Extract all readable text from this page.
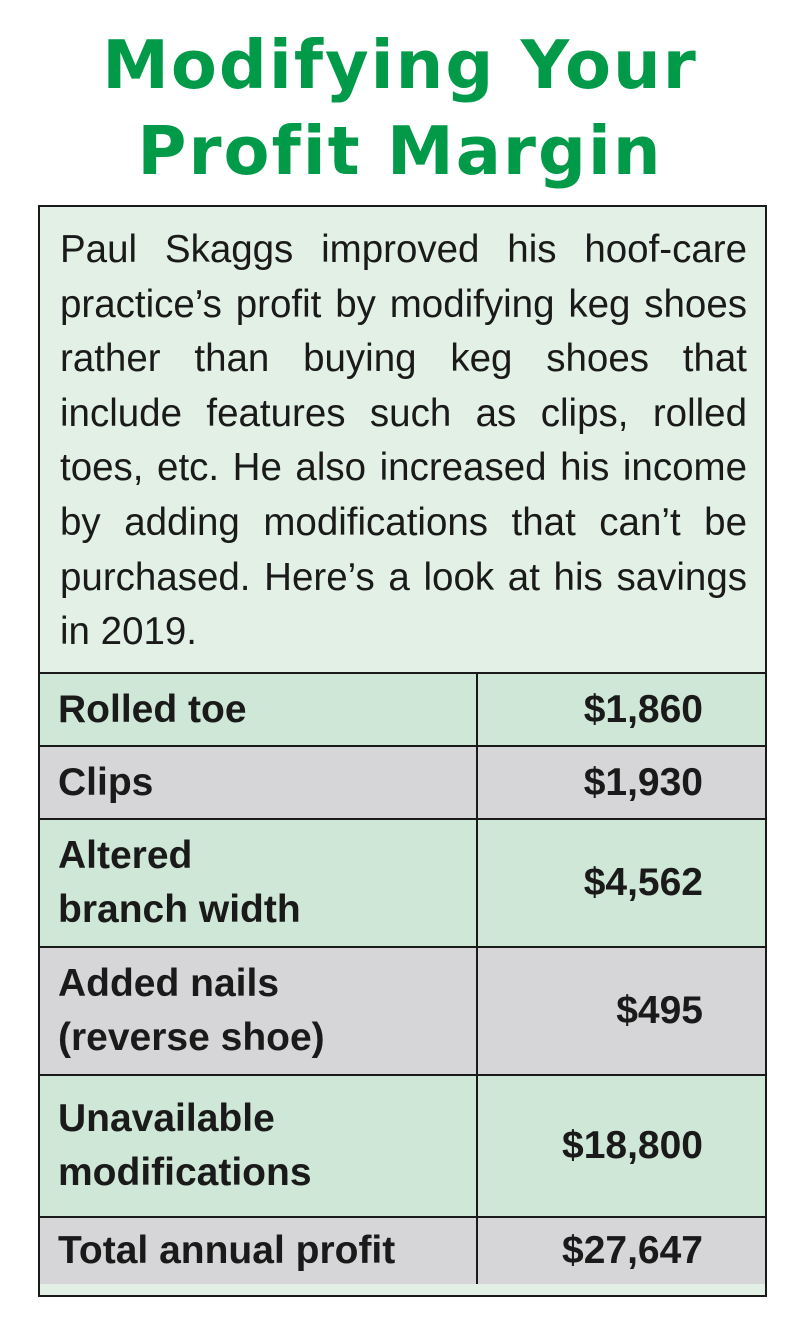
Modifying Your
Profit Margin
Paul Skaggs improved his hoof-care practice’s profit by modifying keg shoes rather than buying keg shoes that include features such as clips, rolled toes, etc. He also increased his income by adding modifications that can’t be purchased. Here’s a look at his savings in 2019.
Rolled toe	$1,860
Clips	$1,930
Altered
branch width	$4,562
Added nails
(reverse shoe)	$495
Unavailable
modifications	$18,800
Total annual profit	$27,647
